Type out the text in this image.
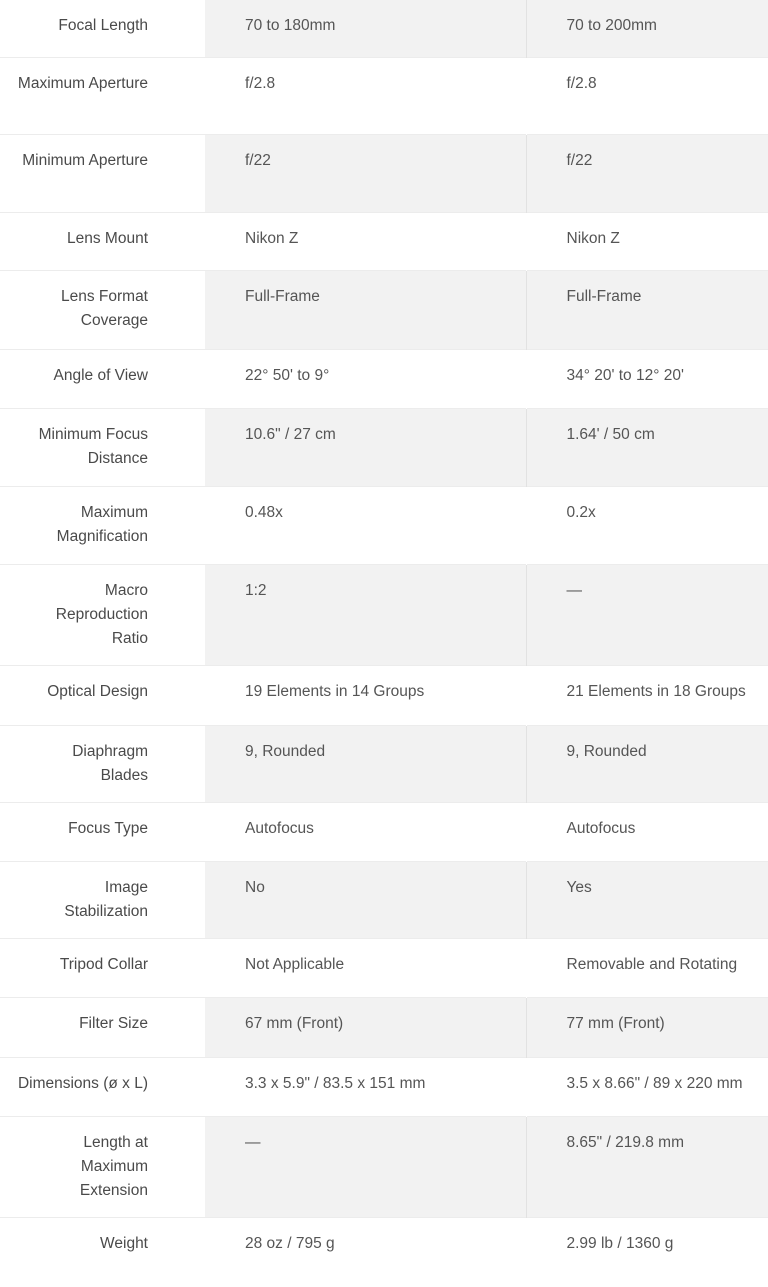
Focal Length	70 to 180mm	70 to 200mm
Maximum Aperture	f/2.8	f/2.8
Minimum Aperture	f/22	f/22
Lens Mount	Nikon Z	Nikon Z
Lens Format Coverage	Full-Frame	Full-Frame
Angle of View	22° 50' to 9°	34° 20' to 12° 20'
Minimum Focus Distance	10.6" / 27 cm	1.64' / 50 cm
Maximum Magnification	0.48x	0.2x
Macro Reproduction Ratio	1:2	—
Optical Design	19 Elements in 14 Groups	21 Elements in 18 Groups
Diaphragm Blades	9, Rounded	9, Rounded
Focus Type	Autofocus	Autofocus
Image Stabilization	No	Yes
Tripod Collar	Not Applicable	Removable and Rotating
Filter Size	67 mm (Front)	77 mm (Front)
Dimensions (ø x L)	3.3 x 5.9" / 83.5 x 151 mm	3.5 x 8.66" / 89 x 220 mm
Length at Maximum Extension	—	8.65" / 219.8 mm
Weight	28 oz / 795 g	2.99 lb / 1360 g
